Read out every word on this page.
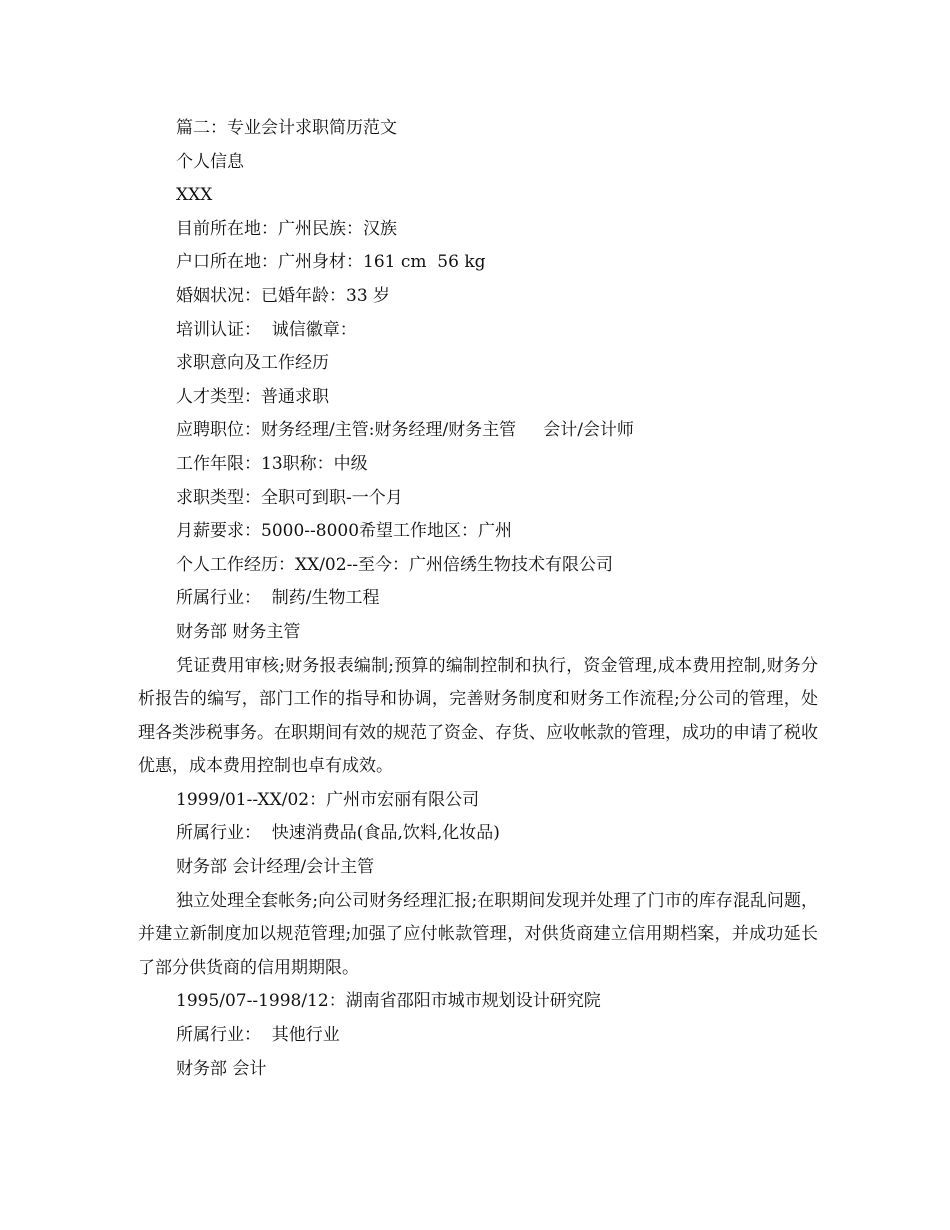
篇二：专业会计求职简历范文
个人信息
XXX
目前所在地：广州民族：汉族
户口所在地：广州身材：161 cm  56 kg
婚姻状况：已婚年龄：33 岁
培训认证：  诚信徽章：
求职意向及工作经历
人才类型：普通求职
应聘职位：财务经理/主管:财务经理/财务主管     会计/会计师
工作年限：13职称：中级
求职类型：全职可到职-一个月
月薪要求：5000--8000希望工作地区：广州
个人工作经历：XX/02--至今：广州倍绣生物技术有限公司
所属行业：  制药/生物工程
财务部 财务主管

凭证费用审核;财务报表编制;预算的编制控制和执行，资金管理,成本费用控制,财务分析报告的编写，部门工作的指导和协调，完善财务制度和财务工作流程;分公司的管理，处理各类涉税事务。在职期间有效的规范了资金、存货、应收帐款的管理，成功的申请了税收优惠，成本费用控制也卓有成效。

1999/01--XX/02：广州市宏丽有限公司
所属行业：  快速消费品(食品,饮料,化妆品)
财务部 会计经理/会计主管

独立处理全套帐务;向公司财务经理汇报;在职期间发现并处理了门市的库存混乱问题，并建立新制度加以规范管理;加强了应付帐款管理，对供货商建立信用期档案，并成功延长了部分供货商的信用期期限。

1995/07--1998/12：湖南省邵阳市城市规划设计研究院
所属行业：  其他行业
财务部 会计
